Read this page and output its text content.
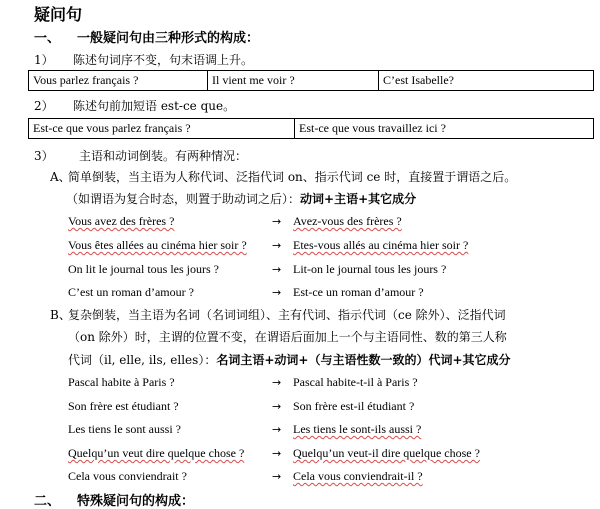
疑问句
一、 一般疑问句由三种形式的构成：
1） 陈述句词序不变，句末语调上升。
Vous parlez français ?	Il vient me voir ?	C’est Isabelle?
2） 陈述句前加短语 est-ce que。
Est-ce que vous parlez français ?	Est-ce que vous travaillez ici ?
3） 主语和动词倒装。有两种情况：
A、
简单倒装，当主语为人称代词、泛指代词 on、指示代词 ce 时，直接置于谓语之后。
（如谓语为复合时态，则置于助动词之后）：动词+主语+其它成分
Vous avez des frères ?	→ Avez-vous des frères ?
Vous êtes allées au cinéma hier soir ? → Etes-vous allés au cinéma hier soir ?
On lit le journal tous les jours ?	→ Lit-on le journal tous les jours ?
C’est un roman d’amour ?	→ Est-ce un roman d’amour ?
B、
复杂倒装，当主语为名词（名词词组）、主有代词、指示代词（ce 除外）、泛指代词
（on 除外）时，主谓的位置不变，在谓语后面加上一个与主语同性、数的第三人称
代词（il, elle, ils, elles）：名词主语+动词+（与主语性数一致的）代词+其它成分
Pascal habite à Paris ?	→ Pascal habite-t-il à Paris ?
Son frère est étudiant ?	→ Son frère est-il étudiant ?
Les tiens le sont aussi ?	→ Les tiens le sont-ils aussi ?
Quelqu’un veut dire quelque chose ?	→ Quelqu’un veut-il dire quelque chose ?
Cela vous conviendrait ?	→ Cela vous conviendrait-il ?
二、 特殊疑问句的构成：
